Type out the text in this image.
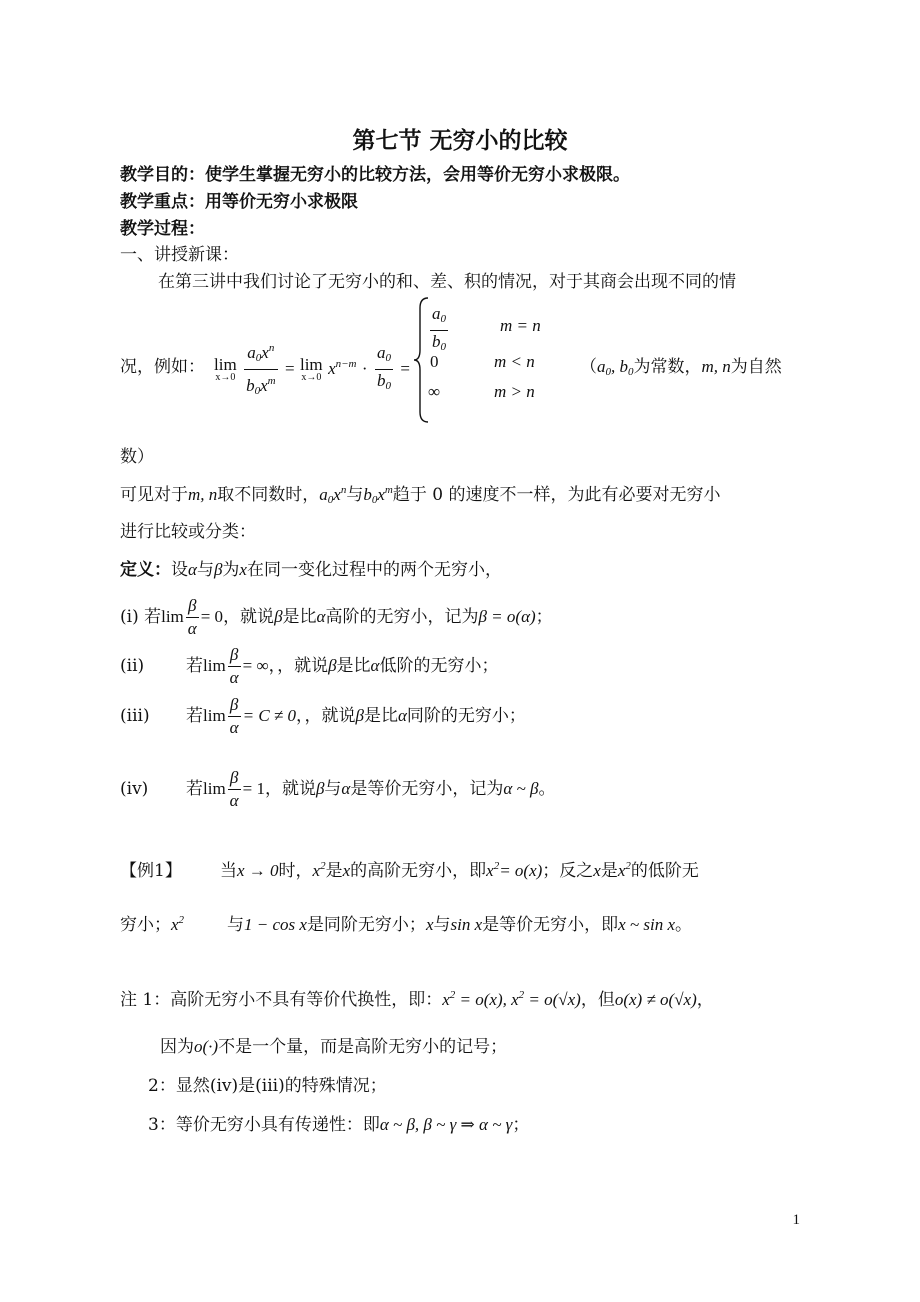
第七节 无穷小的比较
教学目的：使学生掌握无穷小的比较方法，会用等价无穷小求极限。
教学重点：用等价无穷小求极限
教学过程：
一、讲授新课：
在第三讲中我们讨论了无穷小的和、差、积的情况，对于其商会出现不同的情
况，例如： lim
x→0
$\frac{a_0x^n}{b_0x^m} = \lim$
x→0 $x^{n-m} \cdot \frac{a_0}{b_0}$ =
$\frac{a_0}{b_0}$	m = n
0	m < n
∞	m > n
（$a_0$, $b_0$为常数，m, n为自然
数）
可见对于m, n取不同数时，$a_0x^n$与$b_0x^m$趋于 0 的速度不一样，为此有必要对无穷小
进行比较或分类：
定义：设α与β为x在同一变化过程中的两个无穷小，
(i) 若$\lim \frac{\beta}{\alpha} = 0$，就说β是比α高阶的无穷小，记为β = o(α)；
(ii) 若$\lim \frac{\beta}{\alpha}$ = ∞，，就说β是比α低阶的无穷小；
(iii) 若$\lim \frac{\beta}{\alpha} = C \ne 0$，，就说β是比α同阶的无穷小；
(iv) 若$\lim \frac{\beta}{\alpha} = 1$，就说β与α是等价无穷小，记为α ~ β。
【例1】 当x → 0时，$x^2$是x的高阶无穷小，即$x^2= o(x)$；反之x是$x^2$的低阶无
穷小；$x^2$	与1 − cos x是同阶无穷小；x与sin x是等价无穷小，即x ~ sin x。
注 1：高阶无穷小不具有等价代换性，即：$x^2 = o(x)$, $x^2 = o(√x)$，但o(x) ≠ o(√x)，
因为o(·)不是一个量，而是高阶无穷小的记号；
2：显然(iv)是(iii)的特殊情况；
3：等价无穷小具有传递性：即α ~ β, β ~ γ ⇒ α ~ γ；
1
